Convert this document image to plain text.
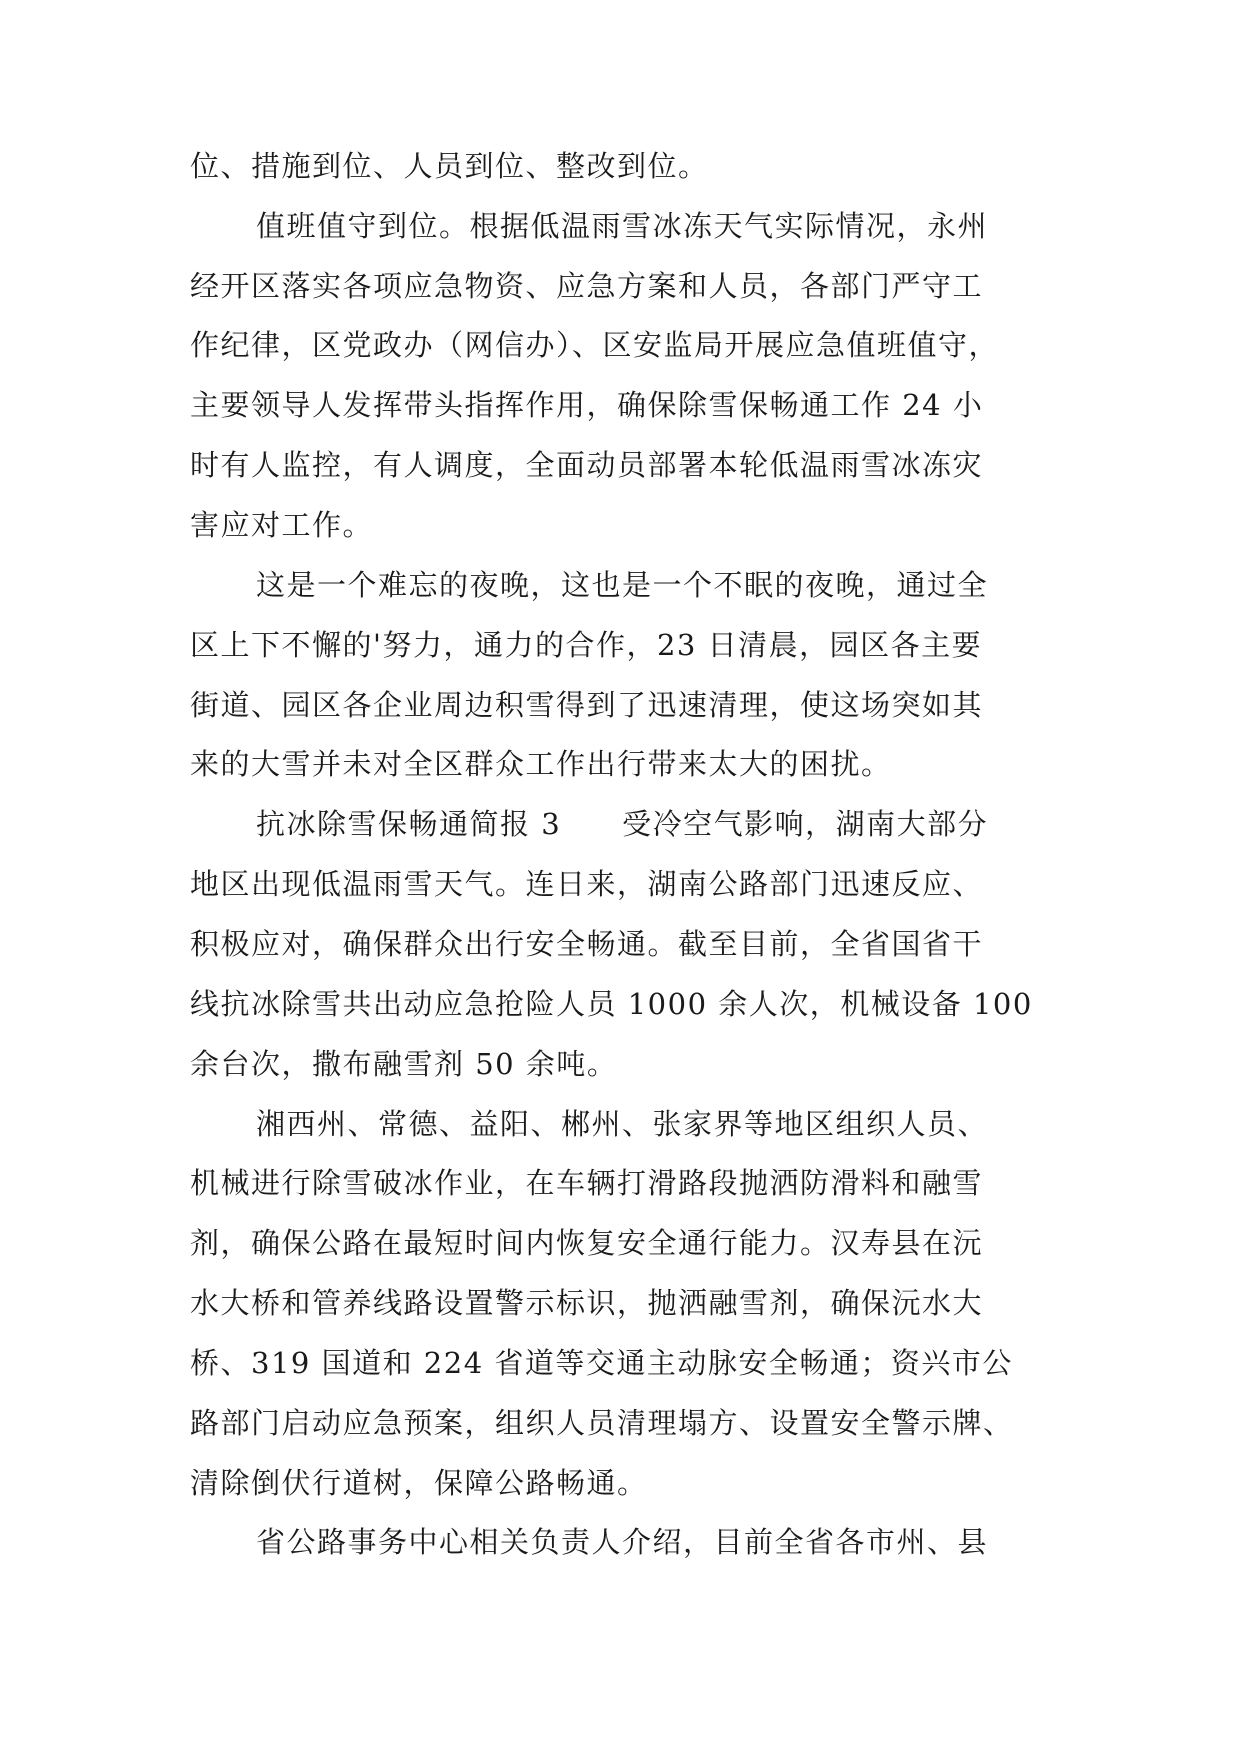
位、措施到位、人员到位、整改到位。
值班值守到位。根据低温雨雪冰冻天气实际情况，永州
经开区落实各项应急物资、应急方案和人员，各部门严守工
作纪律，区党政办（网信办）、区安监局开展应急值班值守，
主要领导人发挥带头指挥作用，确保除雪保畅通工作 24 小
时有人监控，有人调度，全面动员部署本轮低温雨雪冰冻灾
害应对工作。
这是一个难忘的夜晚，这也是一个不眠的夜晚，通过全
区上下不懈的'努力，通力的合作，23 日清晨，园区各主要
街道、园区各企业周边积雪得到了迅速清理，使这场突如其
来的大雪并未对全区群众工作出行带来太大的困扰。
抗冰除雪保畅通简报 3　　受冷空气影响，湖南大部分
地区出现低温雨雪天气。连日来，湖南公路部门迅速反应、
积极应对，确保群众出行安全畅通。截至目前，全省国省干
线抗冰除雪共出动应急抢险人员 1000 余人次，机械设备 100
余台次，撒布融雪剂 50 余吨。
湘西州、常德、益阳、郴州、张家界等地区组织人员、
机械进行除雪破冰作业，在车辆打滑路段抛洒防滑料和融雪
剂，确保公路在最短时间内恢复安全通行能力。汉寿县在沅
水大桥和管养线路设置警示标识，抛洒融雪剂，确保沅水大
桥、319 国道和 224 省道等交通主动脉安全畅通；资兴市公
路部门启动应急预案，组织人员清理塌方、设置安全警示牌、
清除倒伏行道树，保障公路畅通。
省公路事务中心相关负责人介绍，目前全省各市州、县
